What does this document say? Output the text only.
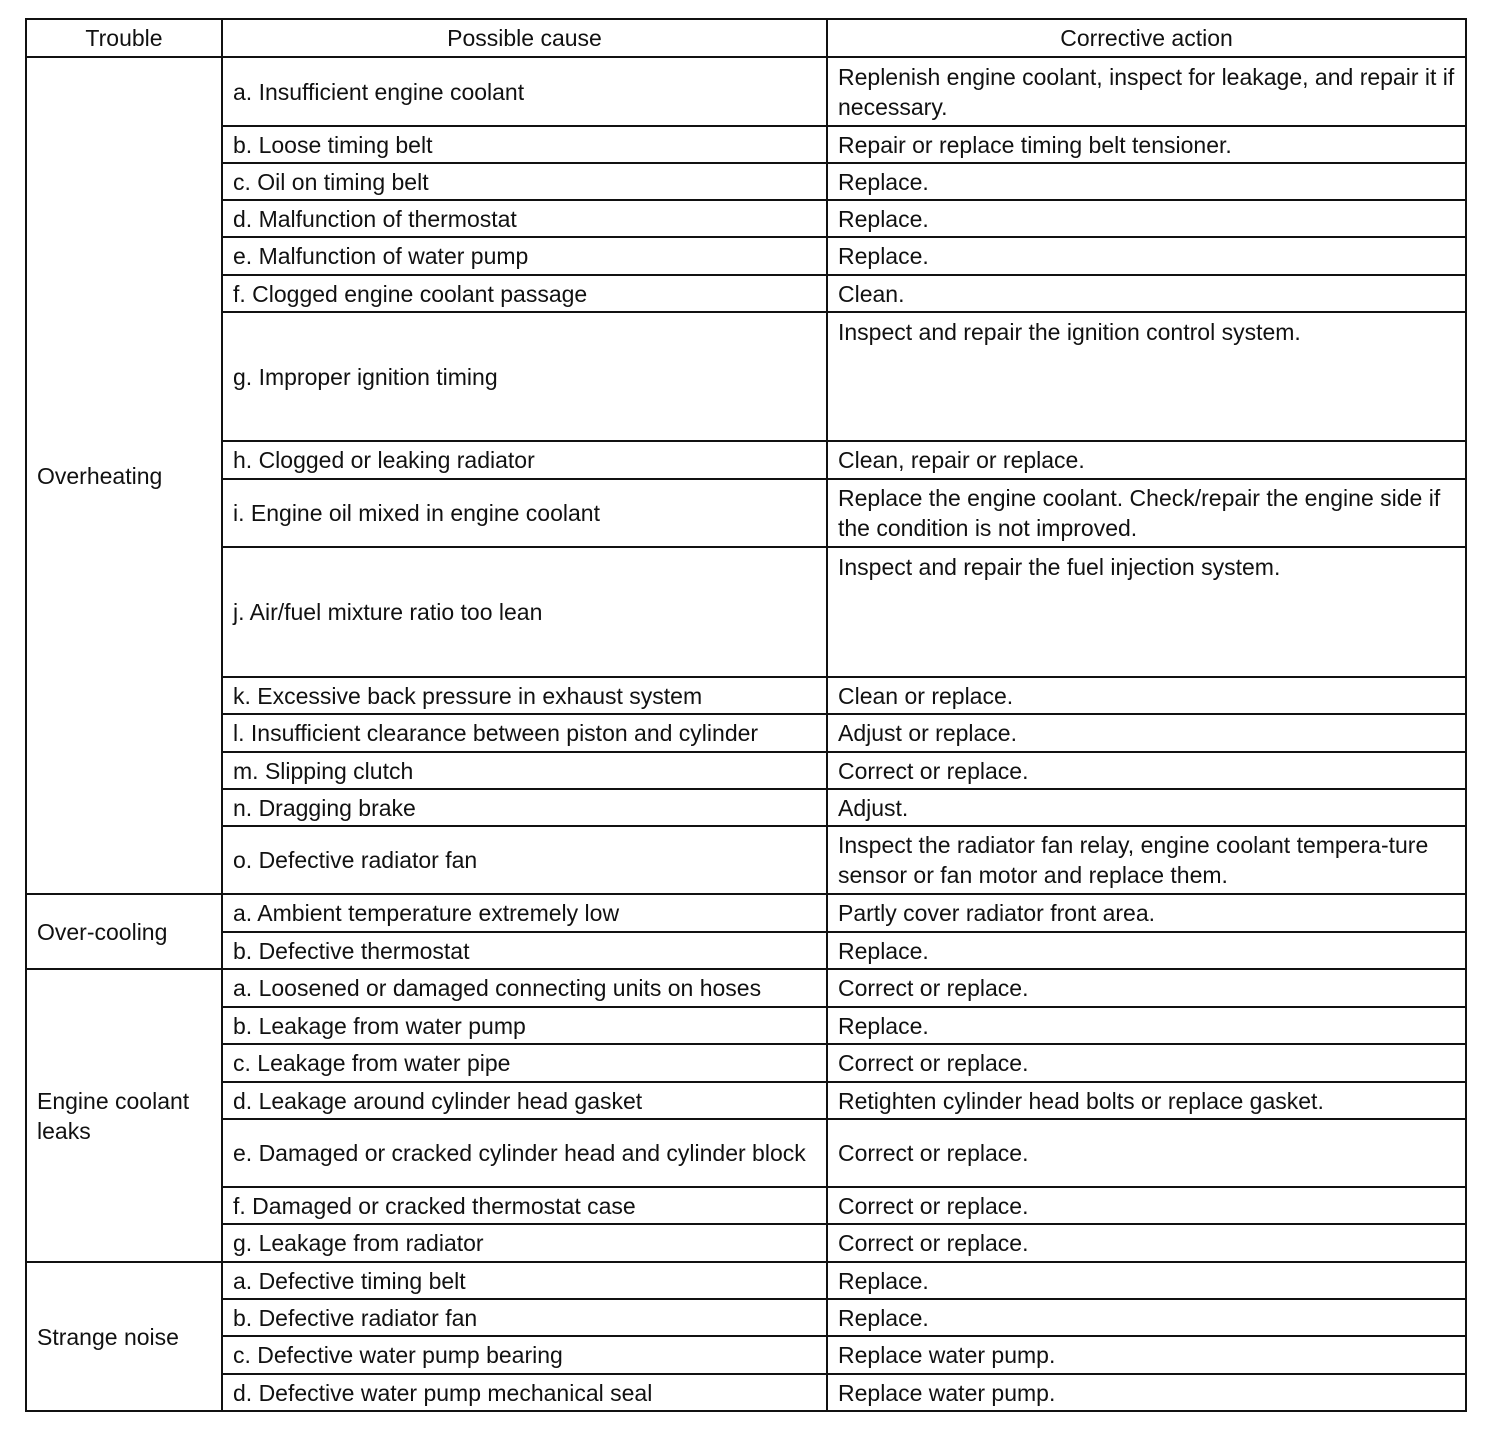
Trouble	Possible cause	Corrective action
Overheating	a. Insufficient engine coolant	Replenish engine coolant, inspect for leakage, and repair it if necessary.
	b. Loose timing belt	Repair or replace timing belt tensioner.
	c. Oil on timing belt	Replace.
	d. Malfunction of thermostat	Replace.
	e. Malfunction of water pump	Replace.
	f. Clogged engine coolant passage	Clean.
	g. Improper ignition timing	Inspect and repair the ignition control system.
	h. Clogged or leaking radiator	Clean, repair or replace.
	i. Engine oil mixed in engine coolant	Replace the engine coolant. Check/repair the engine side if the condition is not improved.
	j. Air/fuel mixture ratio too lean	Inspect and repair the fuel injection system.
	k. Excessive back pressure in exhaust system	Clean or replace.
	l. Insufficient clearance between piston and cylinder	Adjust or replace.
	m. Slipping clutch	Correct or replace.
	n. Dragging brake	Adjust.
	o. Defective radiator fan	Inspect the radiator fan relay, engine coolant tempera-ture sensor or fan motor and replace them.
Over-cooling	a. Ambient temperature extremely low	Partly cover radiator front area.
	b. Defective thermostat	Replace.
Engine coolant leaks	a. Loosened or damaged connecting units on hoses	Correct or replace.
	b. Leakage from water pump	Replace.
	c. Leakage from water pipe	Correct or replace.
	d. Leakage around cylinder head gasket	Retighten cylinder head bolts or replace gasket.
	e. Damaged or cracked cylinder head and cylinder block	Correct or replace.
	f. Damaged or cracked thermostat case	Correct or replace.
	g. Leakage from radiator	Correct or replace.
Strange noise	a. Defective timing belt	Replace.
	b. Defective radiator fan	Replace.
	c. Defective water pump bearing	Replace water pump.
	d. Defective water pump mechanical seal	Replace water pump.
